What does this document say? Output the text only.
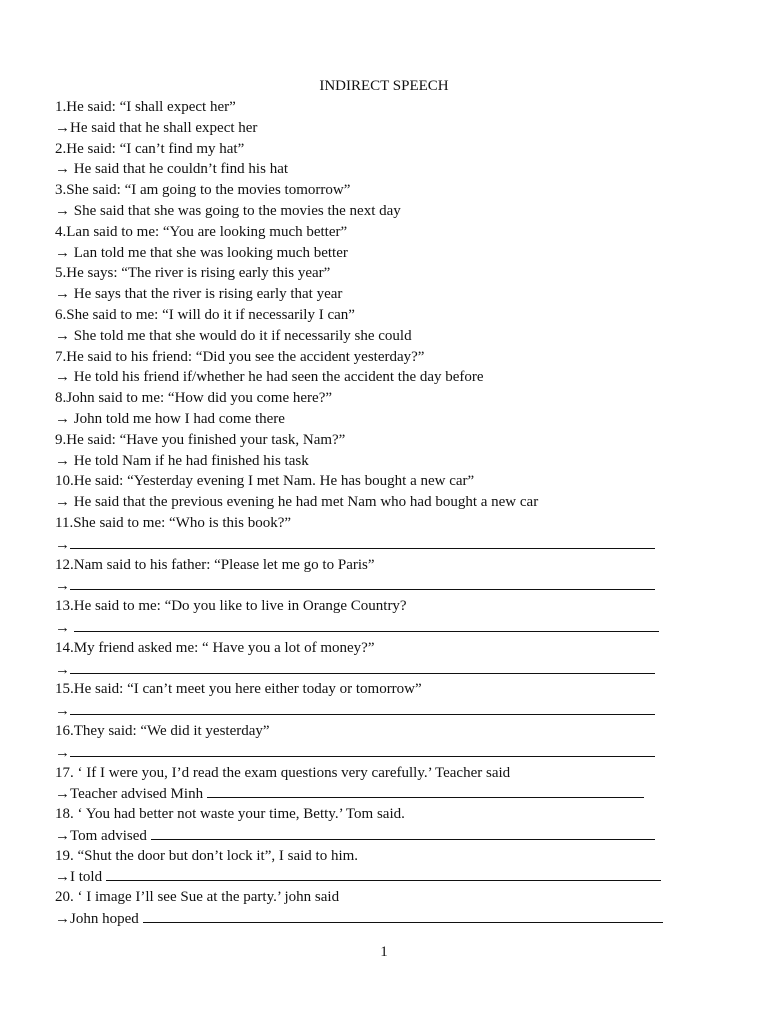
INDIRECT SPEECH
1.He said: “I shall expect her”
→He said that he shall expect her
2.He said: “I can’t find my hat”
→ He said that he couldn’t find his hat
3.She said: “I am going to the movies tomorrow”
→ She said that she was going to the movies the next day
4.Lan said to me: “You are looking much better”
→ Lan told me that she was looking much better
5.He says: “The river is rising early this year”
→ He says that the river is rising early that year
6.She said to me: “I will do it if necessarily I can”
→ She told me that she would do it if necessarily she could
7.He said to his friend: “Did you see the accident yesterday?”
→ He told his friend if/whether he had seen the accident the day before
8.John said to me: “How did you come here?”
→ John told me how I had come there
9.He said: “Have you finished your task, Nam?”
→ He told Nam if he had finished his task
10.He said: “Yesterday evening I met Nam. He has bought a new car”
→ He said that the previous evening he had met Nam who had bought a new car
11.She said to me: “Who is this book?”
→
12.Nam said to his father: “Please let me go to Paris”
→
13.He said to me: “Do you like to live in Orange Country?
→
14.My friend asked me: “ Have you a lot of money?”
→
15.He said: “I can’t meet you here either today or tomorrow”
→
16.They said: “We did it yesterday”
→
17. ‘ If I were you, I’d read the exam questions very carefully.’ Teacher said
→Teacher advised Minh
18. ‘ You had better not waste your time, Betty.’ Tom said.
→Tom advised
19. “Shut the door but don’t lock it”, I said to him.
→I told
20. ‘ I image I’ll see Sue at the party.’ john said
→John hoped
1
